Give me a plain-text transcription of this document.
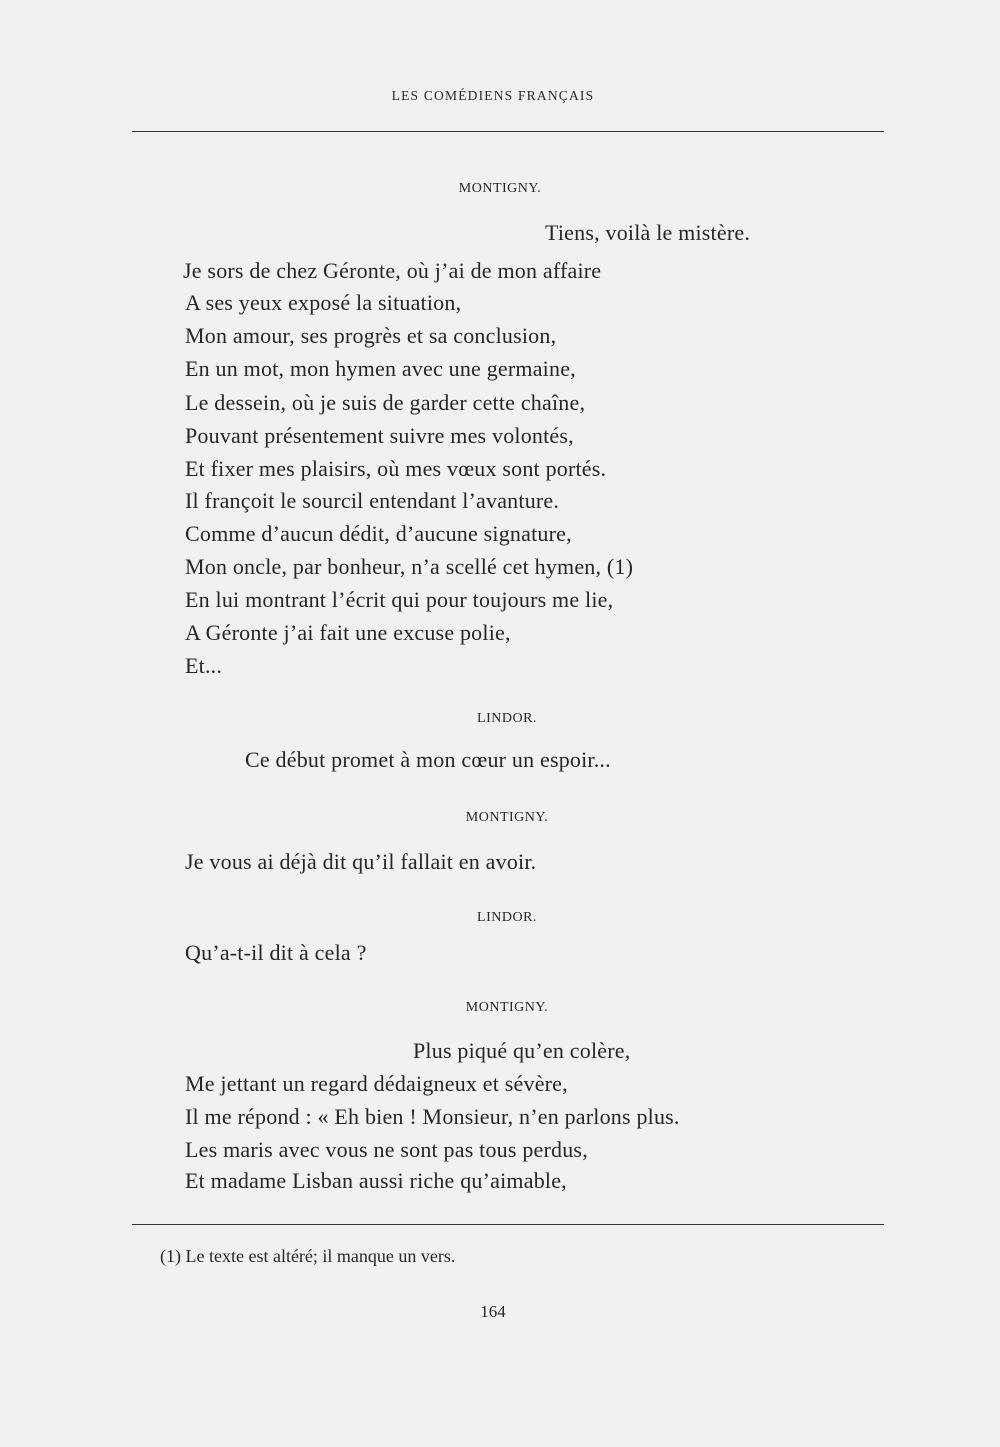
LES COMÉDIENS FRANÇAIS
MONTIGNY.
Tiens, voilà le mistère.
Je sors de chez Géronte, où j’ai de mon affaire
A ses yeux exposé la situation,
Mon amour, ses progrès et sa conclusion,
En un mot, mon hymen avec une germaine,
Le dessein, où je suis de garder cette chaîne,
Pouvant présentement suivre mes volontés,
Et fixer mes plaisirs, où mes vœux sont portés.
Il françoit le sourcil entendant l’avanture.
Comme d’aucun dédit, d’aucune signature,
Mon oncle, par bonheur, n’a scellé cet hymen, (1)
En lui montrant l’écrit qui pour toujours me lie,
A Géronte j’ai fait une excuse polie,
Et...
LINDOR.
Ce début promet à mon cœur un espoir...
MONTIGNY.
Je vous ai déjà dit qu’il fallait en avoir.
LINDOR.
Qu’a-t-il dit à cela ?
MONTIGNY.
Plus piqué qu’en colère,
Me jettant un regard dédaigneux et sévère,
Il me répond : « Eh bien ! Monsieur, n’en parlons plus.
Les maris avec vous ne sont pas tous perdus,
Et madame Lisban aussi riche qu’aimable,
(1) Le texte est altéré; il manque un vers.
164
